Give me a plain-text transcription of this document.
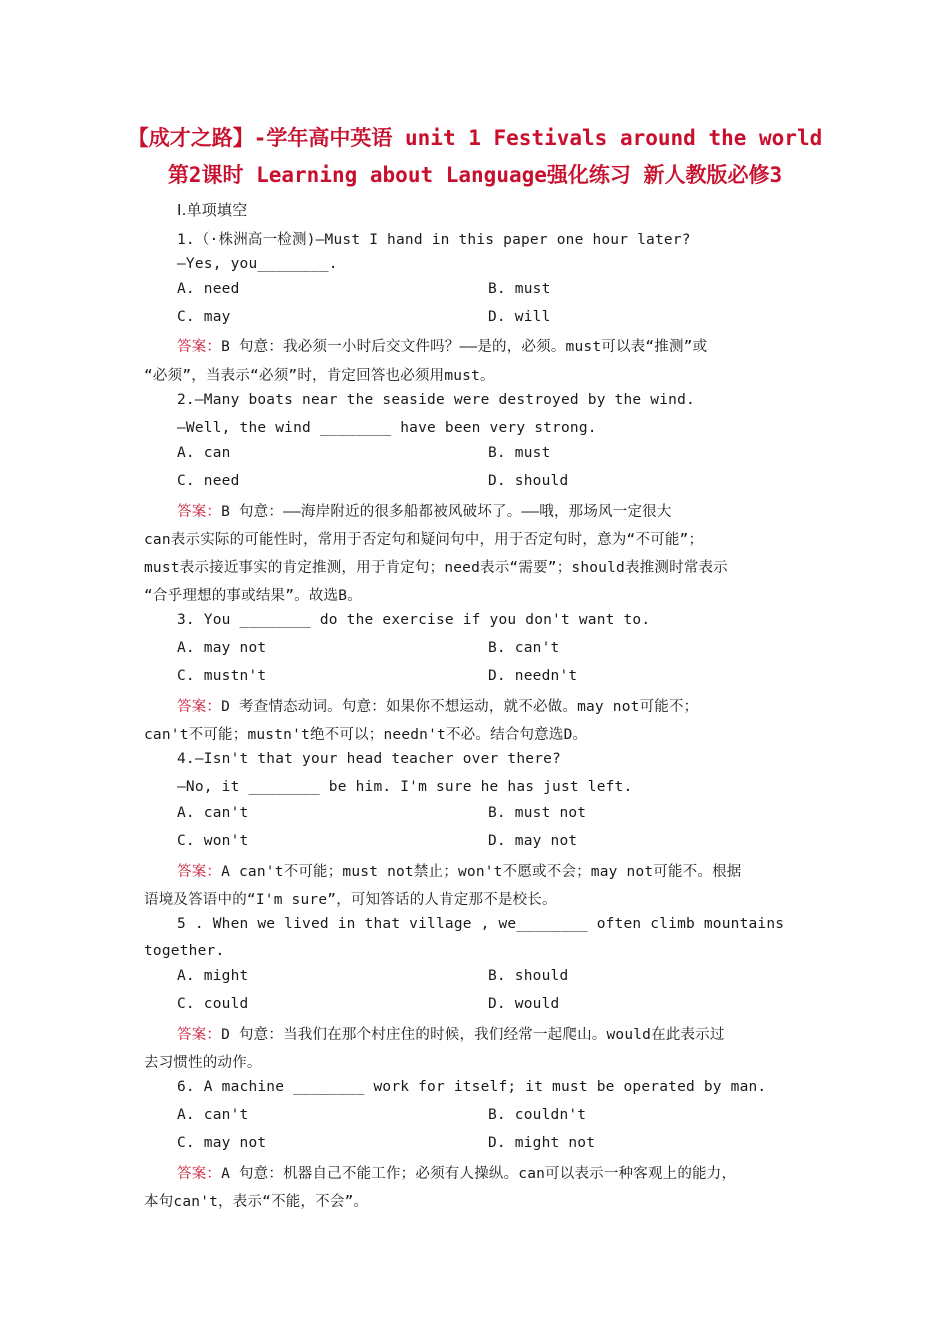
【成才之路】-学年高中英语 unit 1 Festivals around the world
第2课时 Learning about Language强化练习 新人教版必修3
Ⅰ.单项填空
1.（·株洲高一检测)—Must I hand in this paper one hour later?
—Yes, you________.
A. need	B. must
C. may	D. will
答案：B 句意：我必须一小时后交文件吗？——是的，必须。must可以表“推测”或
“必须”，当表示“必须”时，肯定回答也必须用must。
2.—Many boats near the seaside were destroyed by the wind.
—Well, the wind ________ have been very strong.
A. can	B. must
C. need	D. should
答案：B 句意：——海岸附近的很多船都被风破坏了。——哦，那场风一定很大
can表示实际的可能性时，常用于否定句和疑问句中，用于否定句时，意为“不可能”；
must表示接近事实的肯定推测，用于肯定句；need表示“需要”；should表推测时常表示
“合乎理想的事或结果”。故选B。
3. You ________ do the exercise if you don't want to.
A. may not	B. can't
C. mustn't	D. needn't
答案：D 考查情态动词。句意：如果你不想运动，就不必做。may not可能不；
can't不可能；mustn't绝不可以；needn't不必。结合句意选D。
4.—Isn't that your head teacher over there?
—No, it ________ be him. I'm sure he has just left.
A. can't	B. must not
C. won't	D. may not
答案：A can't不可能；must not禁止；won't不愿或不会；may not可能不。根据
语境及答语中的“I'm sure”，可知答话的人肯定那不是校长。
5 . When we lived in that village , we________ often climb mountains
together.
A. might	B. should
C. could	D. would
答案：D 句意：当我们在那个村庄住的时候，我们经常一起爬山。would在此表示过
去习惯性的动作。
6. A machine ________ work for itself; it must be operated by man.
A. can't	B. couldn't
C. may not	D. might not
答案：A 句意：机器自己不能工作；必须有人操纵。can可以表示一种客观上的能力，
本句can't，表示“不能，不会”。
